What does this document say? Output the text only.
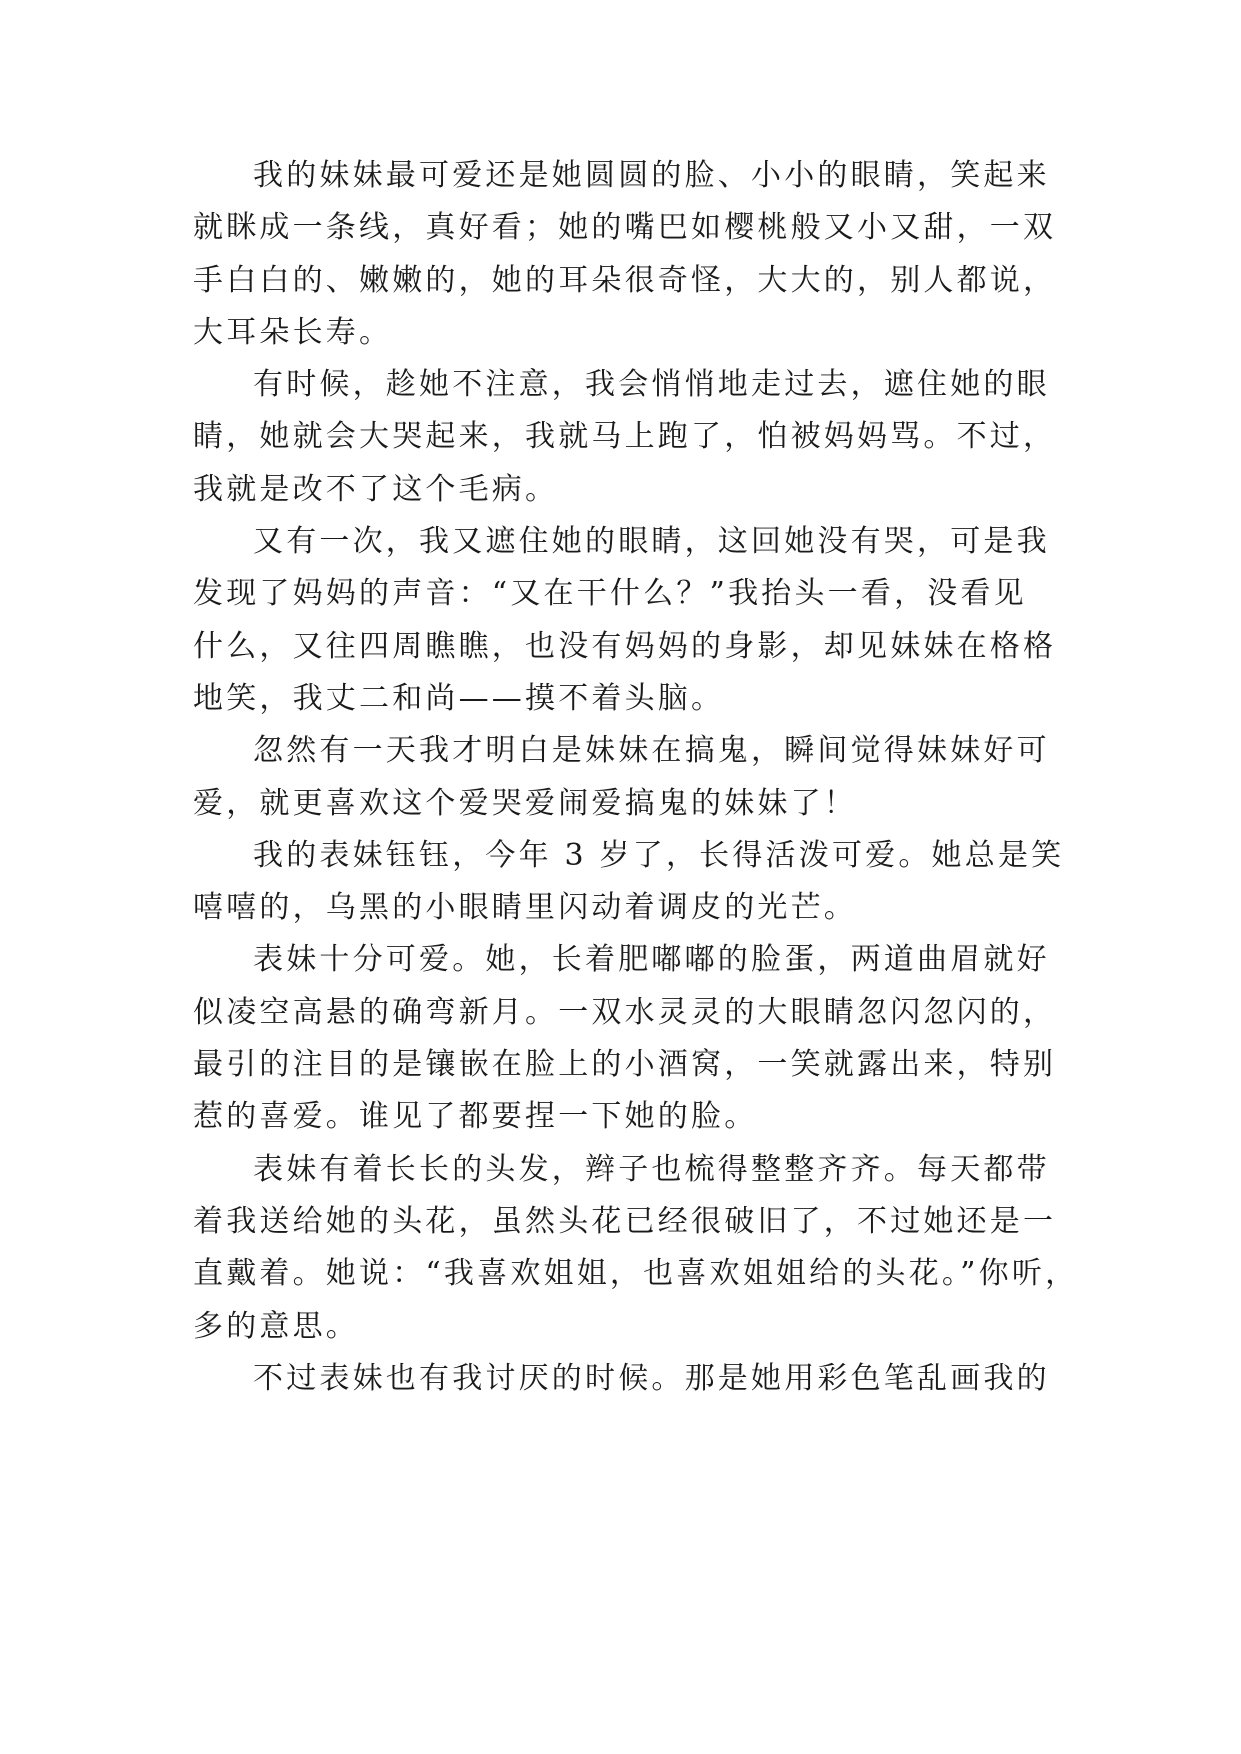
我的妹妹最可爱还是她圆圆的脸、小小的眼睛，笑起来
就眯成一条线，真好看；她的嘴巴如樱桃般又小又甜，一双
手白白的、嫩嫩的，她的耳朵很奇怪，大大的，别人都说，
大耳朵长寿。

有时候，趁她不注意，我会悄悄地走过去，遮住她的眼
睛，她就会大哭起来，我就马上跑了，怕被妈妈骂。不过，
我就是改不了这个毛病。

又有一次，我又遮住她的眼睛，这回她没有哭，可是我
发现了妈妈的声音：“又在干什么？”我抬头一看，没看见
什么，又往四周瞧瞧，也没有妈妈的身影，却见妹妹在格格
地笑，我丈二和尚——摸不着头脑。

忽然有一天我才明白是妹妹在搞鬼，瞬间觉得妹妹好可
爱，就更喜欢这个爱哭爱闹爱搞鬼的妹妹了！

我的表妹钰钰，今年 3 岁了，长得活泼可爱。她总是笑
嘻嘻的，乌黑的小眼睛里闪动着调皮的光芒。

表妹十分可爱。她，长着肥嘟嘟的脸蛋，两道曲眉就好
似凌空高悬的确弯新月。一双水灵灵的大眼睛忽闪忽闪的，
最引的注目的是镶嵌在脸上的小酒窝，一笑就露出来，特别
惹的喜爱。谁见了都要捏一下她的脸。

表妹有着长长的头发，辫子也梳得整整齐齐。每天都带
着我送给她的头花，虽然头花已经很破旧了，不过她还是一
直戴着。她说：“我喜欢姐姐，也喜欢姐姐给的头花。”你听，
多的意思。

不过表妹也有我讨厌的时候。那是她用彩色笔乱画我的
